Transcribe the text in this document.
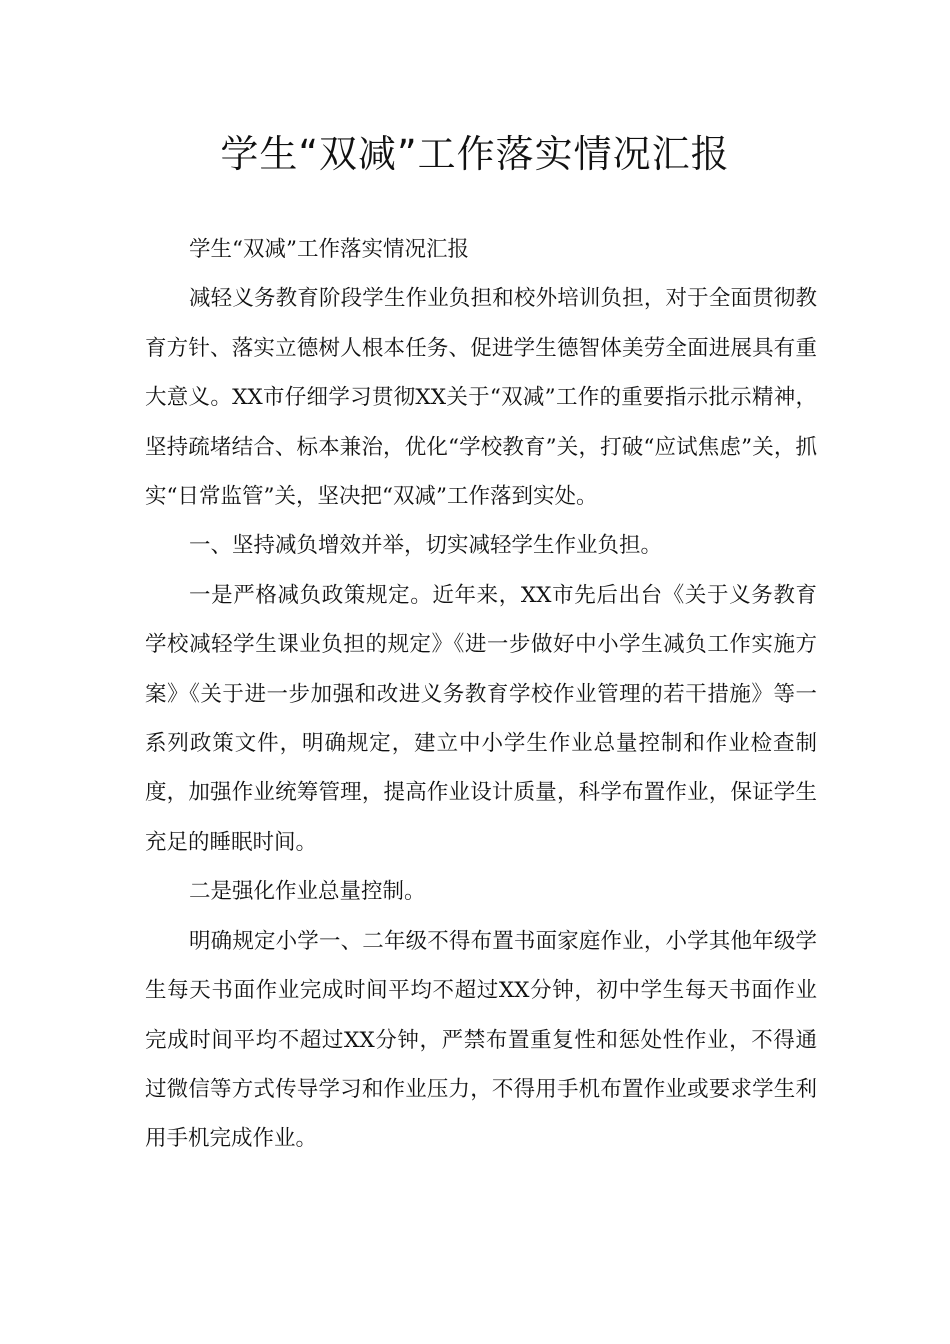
学生“双减”工作落实情况汇报

学生“双减”工作落实情况汇报

减轻义务教育阶段学生作业负担和校外培训负担，对于全面贯彻教育方针、落实立德树人根本任务、促进学生德智体美劳全面进展具有重大意义。XX市仔细学习贯彻XX关于“双减”工作的重要指示批示精神，坚持疏堵结合、标本兼治，优化“学校教育”关，打破“应试焦虑”关，抓实“日常监管”关，坚决把“双减”工作落到实处。

一、坚持减负增效并举，切实减轻学生作业负担。

一是严格减负政策规定。近年来，XX市先后出台《关于义务教育学校减轻学生课业负担的规定》《进一步做好中小学生减负工作实施方案》《关于进一步加强和改进义务教育学校作业管理的若干措施》等一系列政策文件，明确规定，建立中小学生作业总量控制和作业检查制度，加强作业统筹管理，提高作业设计质量，科学布置作业，保证学生充足的睡眠时间。

二是强化作业总量控制。

明确规定小学一、二年级不得布置书面家庭作业，小学其他年级学生每天书面作业完成时间平均不超过XX分钟，初中学生每天书面作业完成时间平均不超过XX分钟，严禁布置重复性和惩处性作业，不得通过微信等方式传导学习和作业压力，不得用手机布置作业或要求学生利用手机完成作业。
